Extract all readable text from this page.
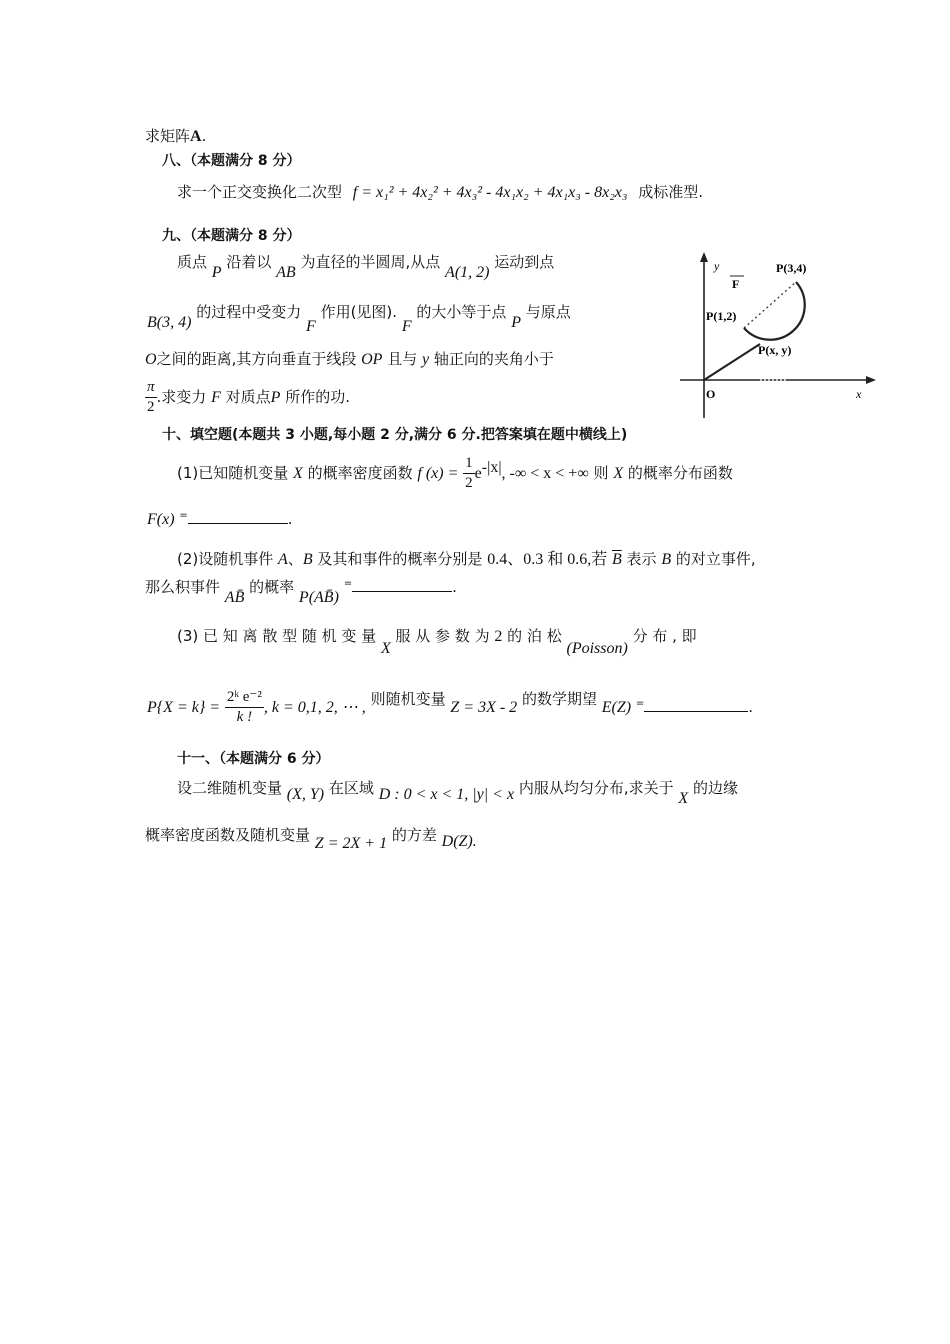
求矩阵A.
八、（本题满分 8 分）
求一个正交变换化二次型 f = x₁² + 4x₂² + 4x₃² - 4x₁x₂ + 4x₁x₃ - 8x₂x₃ 成标准型.
九、（本题满分 8 分）
质点 P 沿着以 AB 为直径的半圆周,从点 A(1, 2) 运动到点
B(3, 4) 的过程中受变力 F 作用(见图). F 的大小等于点 P 与原点
O之间的距离,其方向垂直于线段 OP 且与 y 轴正向的夹角小于
$\frac{\pi}{2}$ .求变力 F 对质点P 所作的功.
y
F
P(3,4)
P(1,2)
P(x, y)
O	x
十、填空题(本题共 3 小题,每小题 2 分,满分 6 分.把答案填在题中横线上)
(1)已知随机变量 X 的概率密度函数 f $(x) = \frac{1}{2} e^{-|x|}$, -∞ < x < +∞ 则 X 的概率分布函数
F(x) =	.
(2)设随机事件 A、B 及其和事件的概率分别是 0.4、0.3 和 0.6,若 $\overline{B}$ 表示 B 的对立事件,
那么积事件 AB̄ 的概率 P(AB̄) =	.
(3) 已 知 离 散 型 随 机 变 量 X 服 从 参 数 为 2 的 泊 松 (Poisson) 分 布 , 即
$P\{X = k\} = \frac{\text{2ᵏ e⁻²}}{k !}$ , k = 0,1, 2, ⋯ , 则随机变量 Z = 3X - 2 的数学期望 E(Z) =	.
十一、（本题满分 6 分）
设二维随机变量 (X, Y) 在区域 D : 0 < x < 1, |y| < x 内服从均匀分布,求关于 X 的边缘
概率密度函数及随机变量 Z = 2X + 1 的方差 D(Z).
